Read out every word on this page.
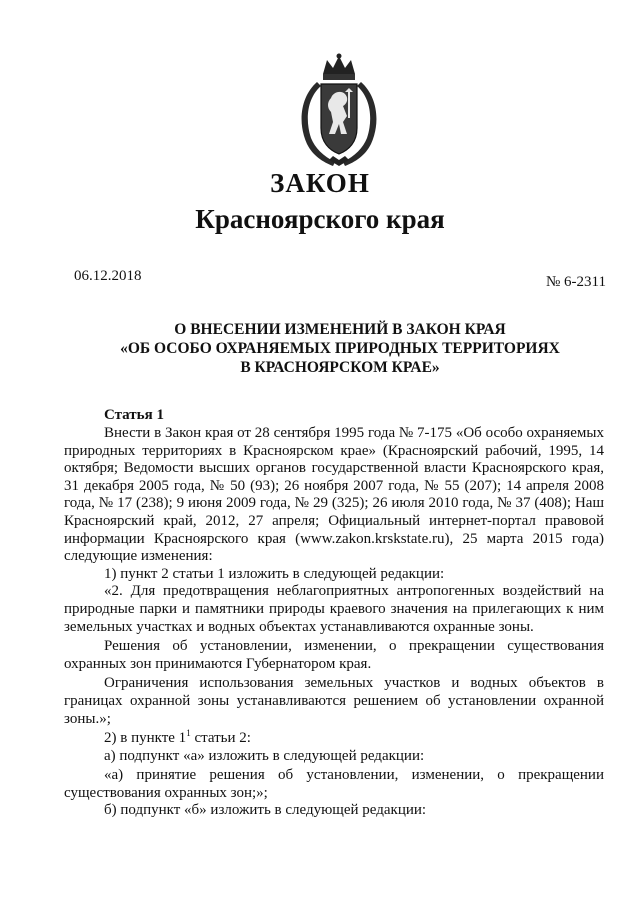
ЗАКОН
Красноярского края
06.12.2018	№ 6-2311
О ВНЕСЕНИИ ИЗМЕНЕНИЙ В ЗАКОН КРАЯ
«ОБ ОСОБО ОХРАНЯЕМЫХ ПРИРОДНЫХ ТЕРРИТОРИЯХ
В КРАСНОЯРСКОМ КРАЕ»
Статья 1

Внести в Закон края от 28 сентября 1995 года № 7-175 «Об особо охраняемых природных территориях в Красноярском крае» (Красноярский рабочий, 1995, 14 октября; Ведомости высших органов государственной власти Красноярского края, 31 декабря 2005 года, № 50 (93); 26 ноября 2007 года, № 55 (207); 14 апреля 2008 года, № 17 (238); 9 июня 2009 года, № 29 (325); 26 июля 2010 года, № 37 (408); Наш Красноярский край, 2012, 27 апреля; Официальный интернет-портал правовой информации Красноярского края (www.zakon.krskstate.ru), 25 марта 2015 года) следующие изменения:

1) пункт 2 статьи 1 изложить в следующей редакции:

«2. Для предотвращения неблагоприятных антропогенных воздействий на природные парки и памятники природы краевого значения на прилегающих к ним земельных участках и водных объектах устанавливаются охранные зоны.

Решения об установлении, изменении, о прекращении существования охранных зон принимаются Губернатором края.

Ограничения использования земельных участков и водных объектов в границах охранной зоны устанавливаются решением об установлении охранной зоны.»;

2) в пункте $1^1$ статьи 2:

а) подпункт «а» изложить в следующей редакции:

«а) принятие решения об установлении, изменении, о прекращении существования охранных зон;»;

б) подпункт «б» изложить в следующей редакции:
